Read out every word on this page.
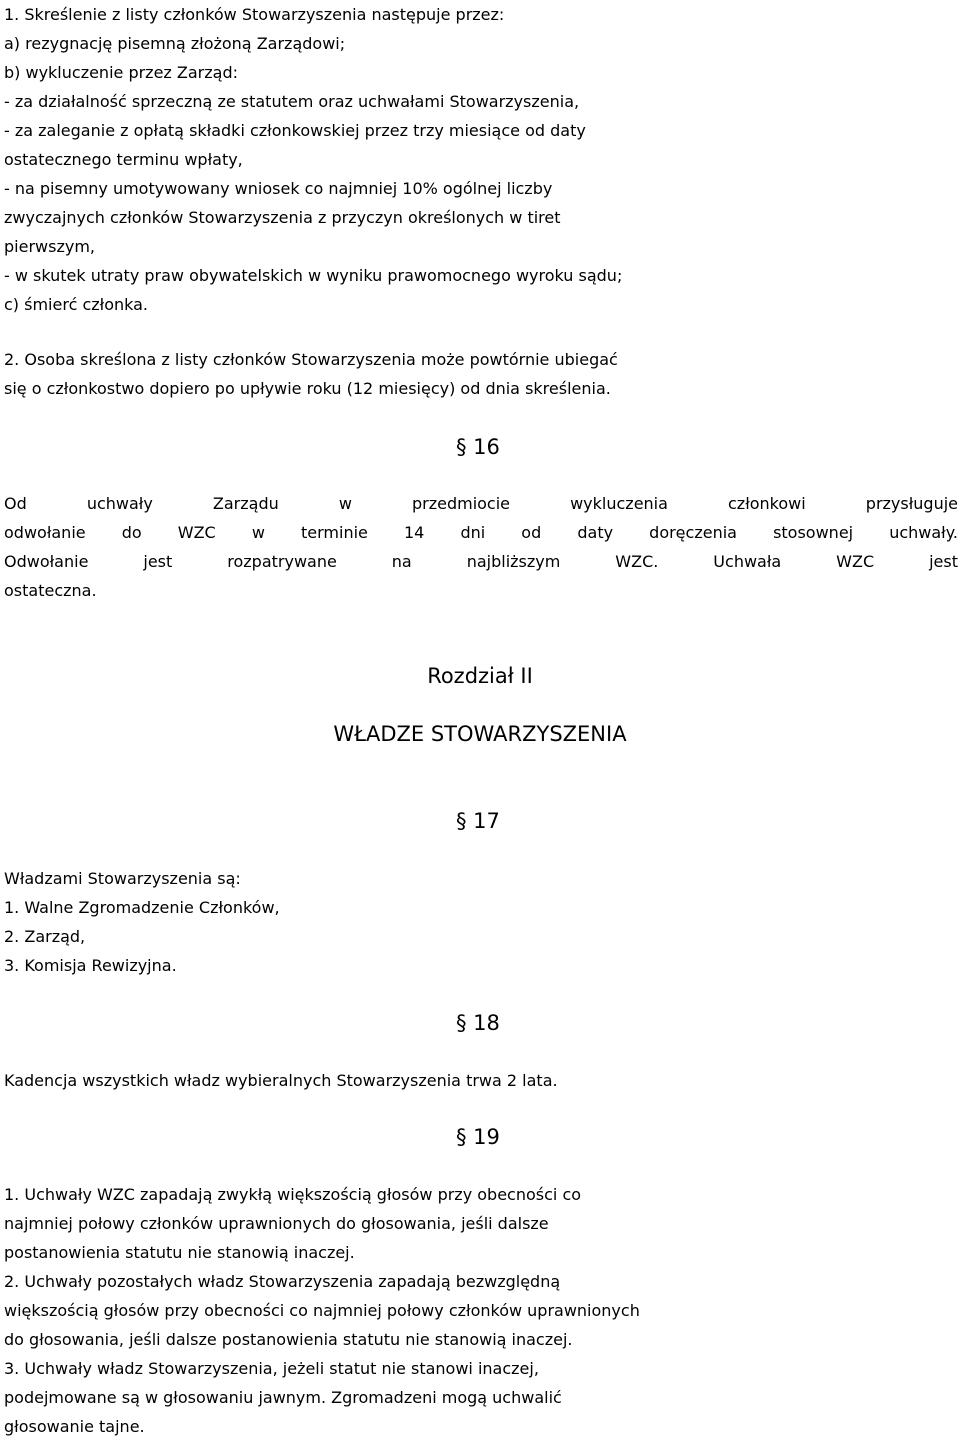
1. Skreślenie z listy członków Stowarzyszenia następuje przez:
a) rezygnację pisemną złożoną Zarządowi;
b) wykluczenie przez Zarząd:
- za działalność sprzeczną ze statutem oraz uchwałami Stowarzyszenia,
- za zaleganie z opłatą składki członkowskiej przez trzy miesiące od daty
ostatecznego terminu wpłaty,
- na pisemny umotywowany wniosek co najmniej 10% ogólnej liczby
zwyczajnych członków Stowarzyszenia z przyczyn określonych w tiret
pierwszym,
- w skutek utraty praw obywatelskich w wyniku prawomocnego wyroku sądu;
c) śmierć członka.
2. Osoba skreślona z listy członków Stowarzyszenia może powtórnie ubiegać
się o członkostwo dopiero po upływie roku (12 miesięcy) od dnia skreślenia.
§ 16
Od uchwały Zarządu w przedmiocie wykluczenia członkowi przysługuje
odwołanie do WZC w terminie 14 dni od daty doręczenia stosownej uchwały.
Odwołanie jest rozpatrywane na najbliższym WZC. Uchwała WZC jest
ostateczna.
Rozdział II
WŁADZE STOWARZYSZENIA
§ 17
Władzami Stowarzyszenia są:
1. Walne Zgromadzenie Członków,
2. Zarząd,
3. Komisja Rewizyjna.
§ 18
Kadencja wszystkich władz wybieralnych Stowarzyszenia trwa 2 lata.
§ 19
1. Uchwały WZC zapadają zwykłą większością głosów przy obecności co
najmniej połowy członków uprawnionych do głosowania, jeśli dalsze
postanowienia statutu nie stanowią inaczej.
2. Uchwały pozostałych władz Stowarzyszenia zapadają bezwzględną
większością głosów przy obecności co najmniej połowy członków uprawnionych
do głosowania, jeśli dalsze postanowienia statutu nie stanowią inaczej.
3. Uchwały władz Stowarzyszenia, jeżeli statut nie stanowi inaczej,
podejmowane są w głosowaniu jawnym. Zgromadzeni mogą uchwalić
głosowanie tajne.
